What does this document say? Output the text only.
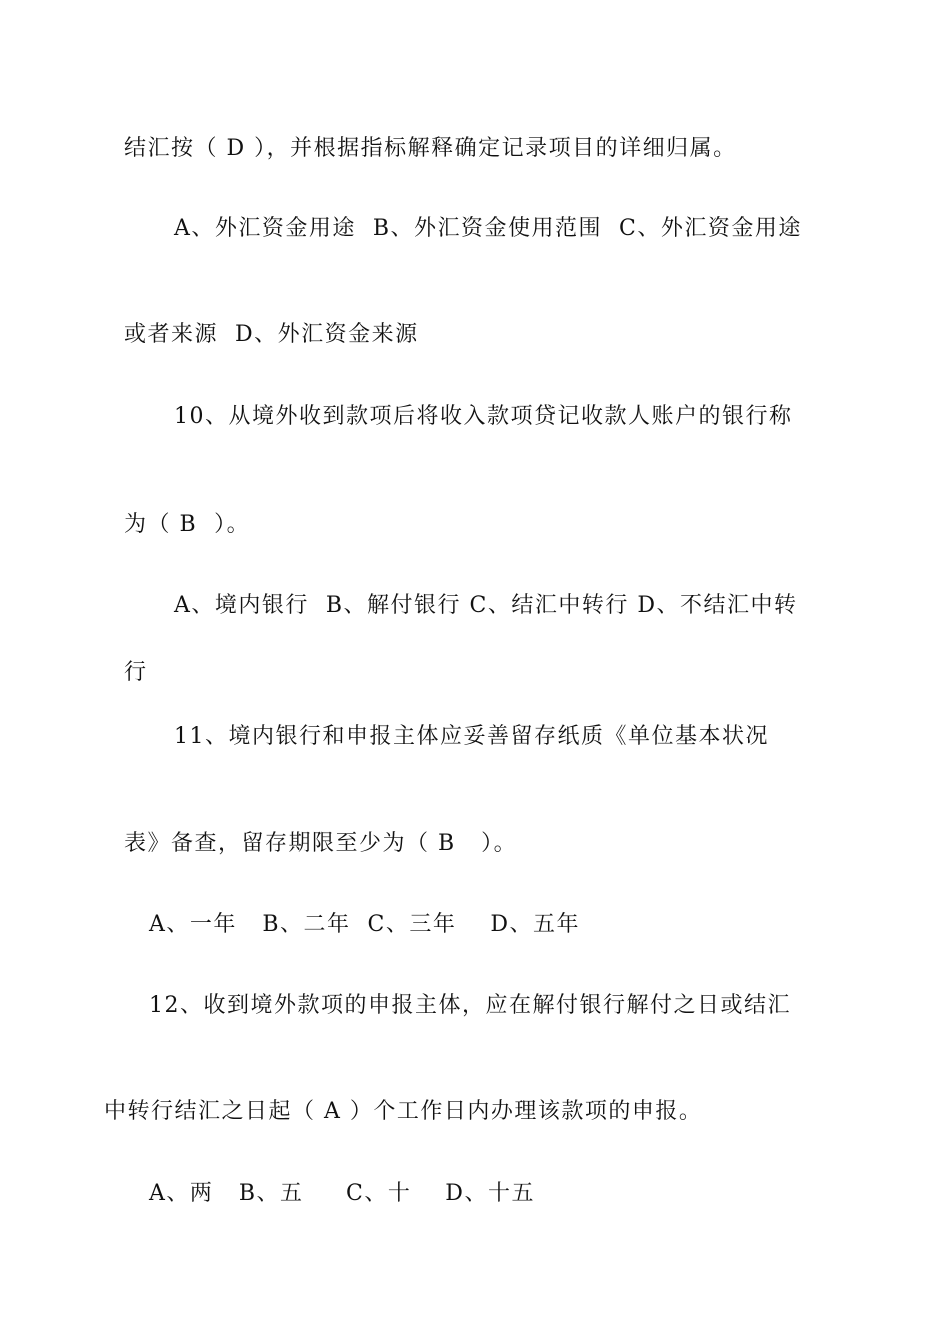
结汇按（ D ），并根据指标解释确定记录项目的详细归属。
A、外汇资金用途  B、外汇资金使用范围  C、外汇资金用途
或者来源  D、外汇资金来源
10、从境外收到款项后将收入款项贷记收款人账户的银行称
为（ B  ）。
A、境内银行  B、解付银行 C、结汇中转行 D、不结汇中转
行
11、境内银行和申报主体应妥善留存纸质《单位基本状况
表》备查，留存期限至少为（ B   ）。
A、一年   B、二年  C、三年    D、五年
12、收到境外款项的申报主体，应在解付银行解付之日或结汇
中转行结汇之日起（ A ）个工作日内办理该款项的申报。
A、两   B、五     C、十    D、十五
